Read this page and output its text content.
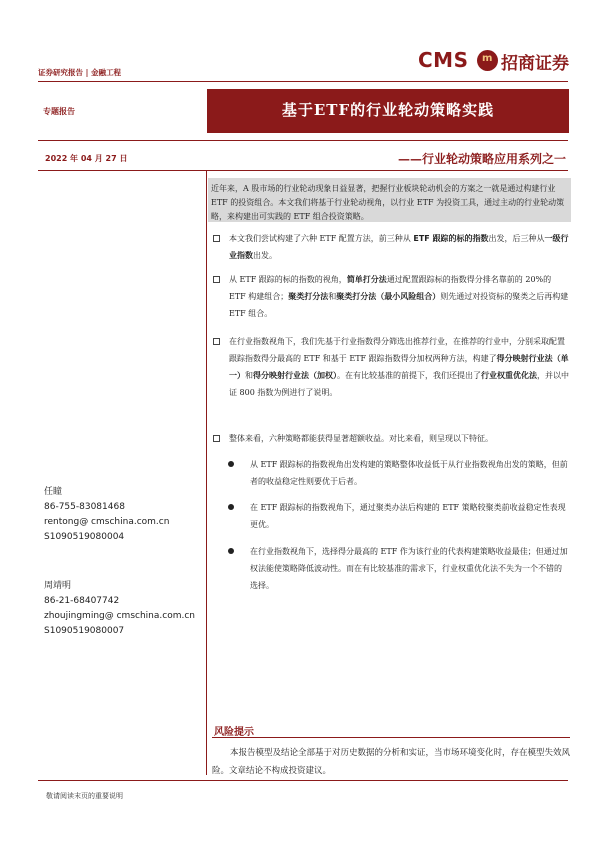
证券研究报告 | 金融工程
CMS m 招商证券
专题报告	基于ETF的行业轮动策略实践
2022 年 04 月 27 日	——行业轮动策略应用系列之一

近年来，A 股市场的行业轮动现象日益显著，把握行业板块轮动机会的方案之一就是通过构建行业 ETF 的投资组合。本文我们将基于行业轮动视角，以行业 ETF 为投资工具，通过主动的行业轮动策略，来构建出可实践的 ETF 组合投资策略。

本文我们尝试构建了六种 ETF 配置方法，前三种从 ETF 跟踪的标的指数出发，后三种从一级行业指数出发。
从 ETF 跟踪的标的指数的视角，简单打分法通过配置跟踪标的指数得分排名靠前的 20%的 ETF 构建组合；聚类打分法和聚类打分法（最小风险组合）则先通过对投资标的聚类之后再构建 ETF 组合。
在行业指数视角下，我们先基于行业指数得分筛选出推荐行业，在推荐的行业中，分别采取配置跟踪指数得分最高的 ETF 和基于 ETF 跟踪指数得分加权两种方法，构建了得分映射行业法（单一）和得分映射行业法（加权）。在有比较基准的前提下，我们还提出了行业权重优化法，并以中证 800 指数为例进行了说明。
整体来看，六种策略都能获得显著超额收益。对比来看，则呈现以下特征。
从 ETF 跟踪标的指数视角出发构建的策略整体收益低于从行业指数视角出发的策略，但前者的收益稳定性则要优于后者。
在 ETF 跟踪标的指数视角下，通过聚类办法后构建的 ETF 策略较聚类前收益稳定性表现更优。
在行业指数视角下，选择得分最高的 ETF 作为该行业的代表构建策略收益最佳；但通过加权法能使策略降低波动性。而在有比较基准的需求下，行业权重优化法不失为一个不错的选择。
任瞳
86-755-83081468
rentong@ cmschina.com.cn
S1090519080004
周靖明
86-21-68407742
zhoujingming@ cmschina.com.cn
S1090519080007
风险提示
本报告模型及结论全部基于对历史数据的分析和实证，当市场环境变化时，存在模型失效风险。文章结论不构成投资建议。
敬请阅读末页的重要说明
